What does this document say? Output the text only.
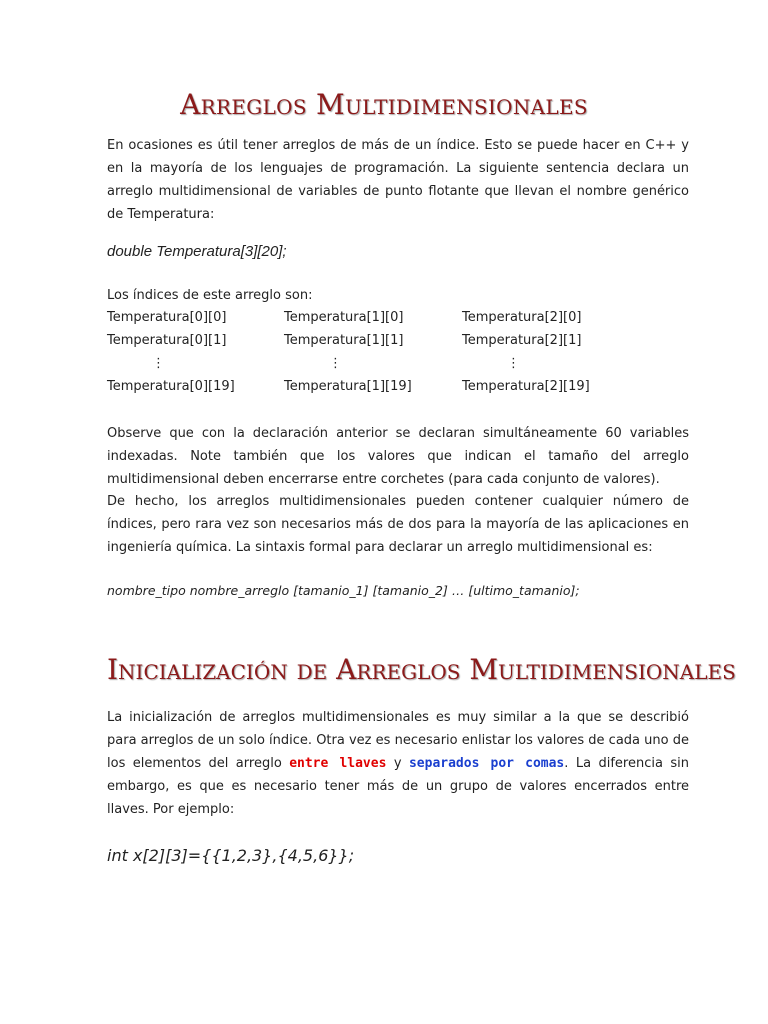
Arreglos Multidimensionales

En ocasiones es útil tener arreglos de más de un índice. Esto se puede hacer en C++ y en la mayoría de los lenguajes de programación. La siguiente sentencia declara un arreglo multidimensional de variables de punto flotante que llevan el nombre genérico de Temperatura:

double Temperatura[3][20];

Los índices de este arreglo son:

Temperatura[0][0]	Temperatura[1][0]	Temperatura[2][0]
Temperatura[0][1]	Temperatura[1][1]	Temperatura[2][1]
⋮	⋮	⋮
Temperatura[0][19]	Temperatura[1][19]	Temperatura[2][19]

Observe que con la declaración anterior se declaran simultáneamente 60 variables indexadas. Note también que los valores que indican el tamaño del arreglo multidimensional deben encerrarse entre corchetes (para cada conjunto de valores).

De hecho, los arreglos multidimensionales pueden contener cualquier número de índices, pero rara vez son necesarios más de dos para la mayoría de las aplicaciones en ingeniería química. La sintaxis formal para declarar un arreglo multidimensional es:

nombre_tipo nombre_arreglo [tamanio_1] [tamanio_2] … [ultimo_tamanio];

Inicialización de Arreglos Multidimensionales

La inicialización de arreglos multidimensionales es muy similar a la que se describió para arreglos de un solo índice. Otra vez es necesario enlistar los valores de cada uno de los elementos del arreglo entre llaves y separados por comas. La diferencia sin embargo, es que es necesario tener más de un grupo de valores encerrados entre llaves. Por ejemplo:

int x[2][3]={{1,2,3},{4,5,6}};
